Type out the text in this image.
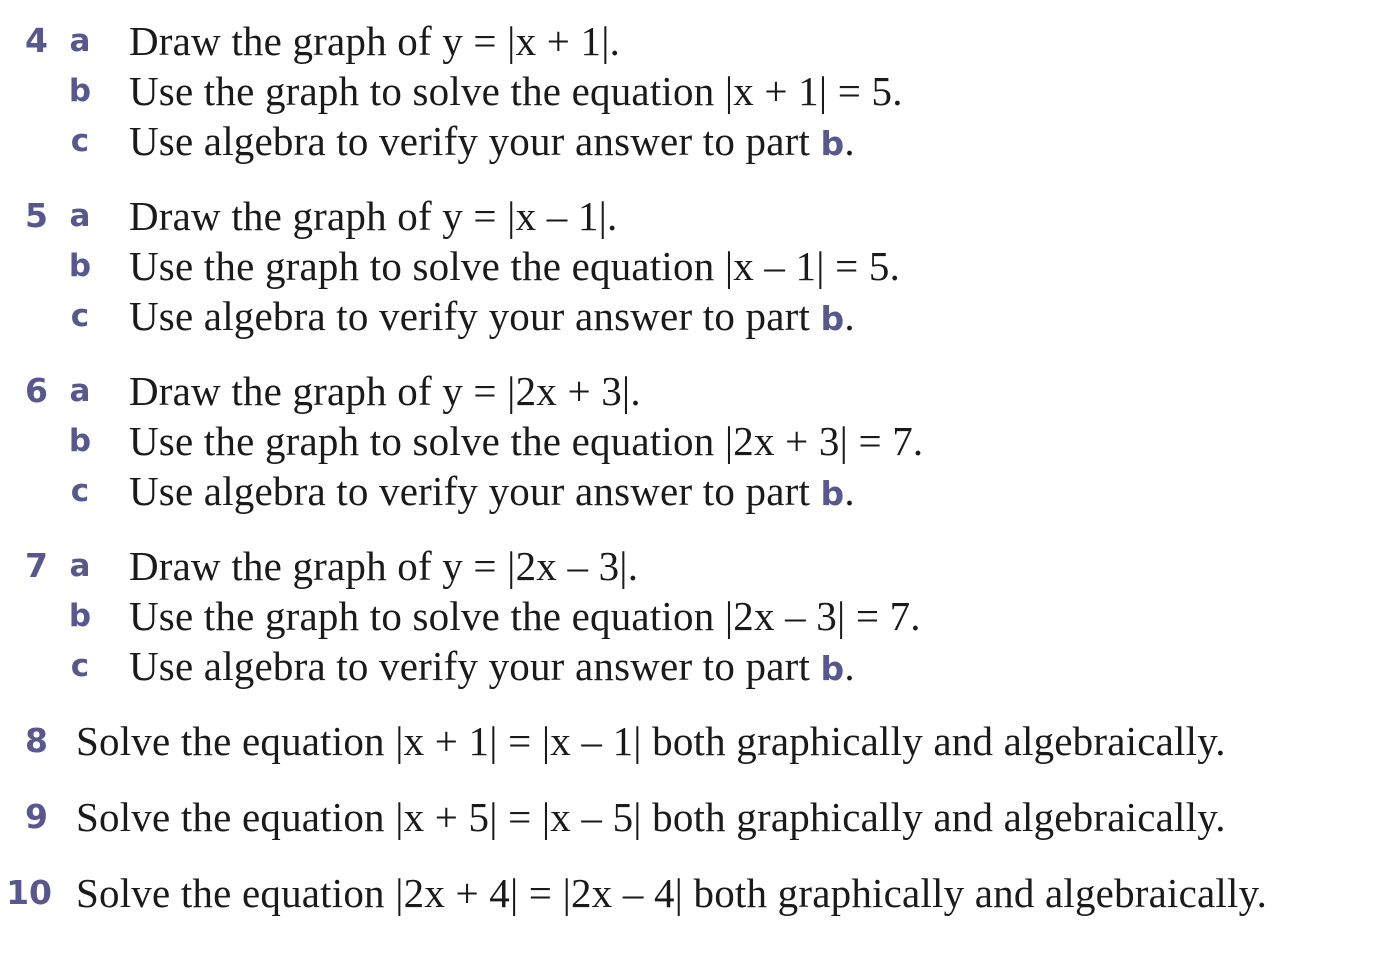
4 a Draw the graph of y = |x + 1|.
b Use the graph to solve the equation |x + 1| = 5.
c Use algebra to verify your answer to part b.
5 a Draw the graph of y = |x – 1|.
b Use the graph to solve the equation |x – 1| = 5.
c Use algebra to verify your answer to part b.
6 a Draw the graph of y = |2x + 3|.
b Use the graph to solve the equation |2x + 3| = 7.
c Use algebra to verify your answer to part b.
7 a Draw the graph of y = |2x – 3|.
b Use the graph to solve the equation |2x – 3| = 7.
c Use algebra to verify your answer to part b.
8 Solve the equation |x + 1| = |x – 1| both graphically and algebraically.
9 Solve the equation |x + 5| = |x – 5| both graphically and algebraically.
10 Solve the equation |2x + 4| = |2x – 4| both graphically and algebraically.
